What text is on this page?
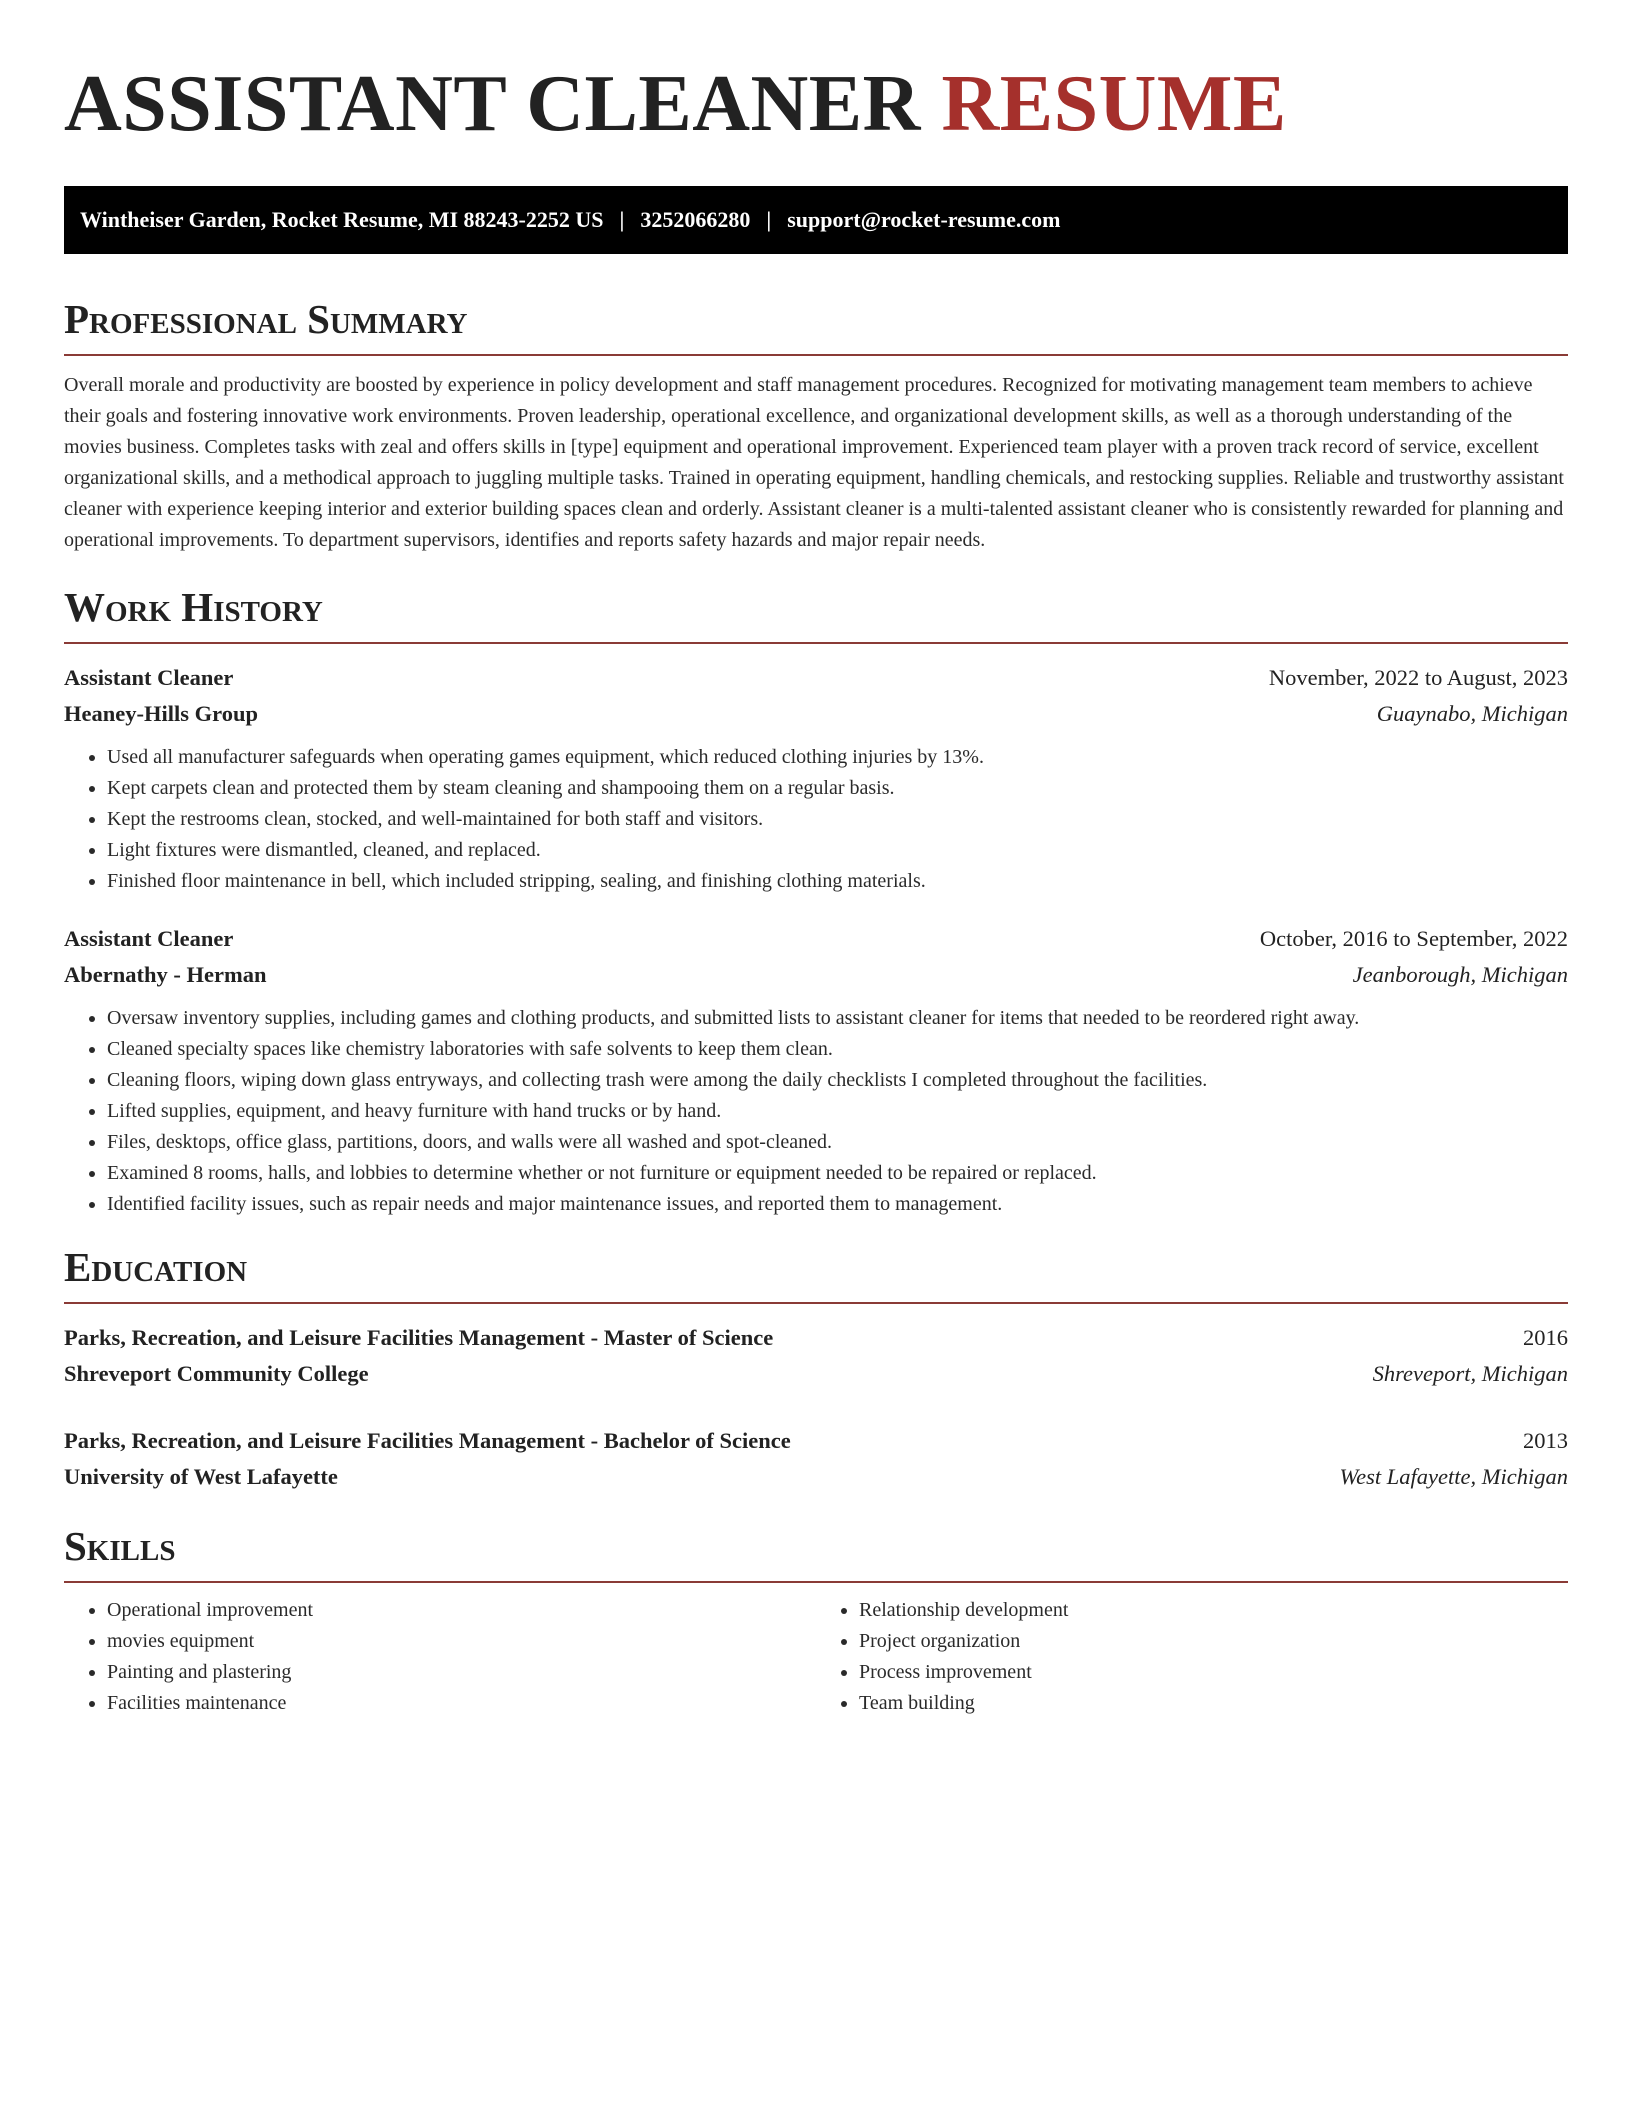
ASSISTANT CLEANER RESUME
Wintheiser Garden, Rocket Resume, MI 88243-2252 US | 3252066280 | support@rocket-resume.com
Professional Summary

Overall morale and productivity are boosted by experience in policy development and staff management procedures. Recognized for motivating management team members to achieve their goals and fostering innovative work environments. Proven leadership, operational excellence, and organizational development skills, as well as a thorough understanding of the movies business. Completes tasks with zeal and offers skills in [type] equipment and operational improvement. Experienced team player with a proven track record of service, excellent organizational skills, and a methodical approach to juggling multiple tasks. Trained in operating equipment, handling chemicals, and restocking supplies. Reliable and trustworthy assistant cleaner with experience keeping interior and exterior building spaces clean and orderly. Assistant cleaner is a multi-talented assistant cleaner who is consistently rewarded for planning and operational improvements. To department supervisors, identifies and reports safety hazards and major repair needs.

Work History
Assistant Cleaner	November, 2022 to August, 2023
Heaney-Hills Group	Guaynabo, Michigan
• Used all manufacturer safeguards when operating games equipment, which reduced clothing injuries by 13%.
• Kept carpets clean and protected them by steam cleaning and shampooing them on a regular basis.
• Kept the restrooms clean, stocked, and well-maintained for both staff and visitors.
• Light fixtures were dismantled, cleaned, and replaced.
• Finished floor maintenance in bell, which included stripping, sealing, and finishing clothing materials.
Assistant Cleaner	October, 2016 to September, 2022
Abernathy - Herman	Jeanborough, Michigan
• Oversaw inventory supplies, including games and clothing products, and submitted lists to assistant cleaner for items that needed to be reordered right away.
• Cleaned specialty spaces like chemistry laboratories with safe solvents to keep them clean.
• Cleaning floors, wiping down glass entryways, and collecting trash were among the daily checklists I completed throughout the facilities.
• Lifted supplies, equipment, and heavy furniture with hand trucks or by hand.
• Files, desktops, office glass, partitions, doors, and walls were all washed and spot-cleaned.
• Examined 8 rooms, halls, and lobbies to determine whether or not furniture or equipment needed to be repaired or replaced.
• Identified facility issues, such as repair needs and major maintenance issues, and reported them to management.
Education
Parks, Recreation, and Leisure Facilities Management - Master of Science	2016
Shreveport Community College	Shreveport, Michigan
Parks, Recreation, and Leisure Facilities Management - Bachelor of Science	2013
University of West Lafayette	West Lafayette, Michigan
Skills
• Operational improvement
• movies equipment
• Painting and plastering
• Facilities maintenance
• Relationship development
• Project organization
• Process improvement
• Team building
